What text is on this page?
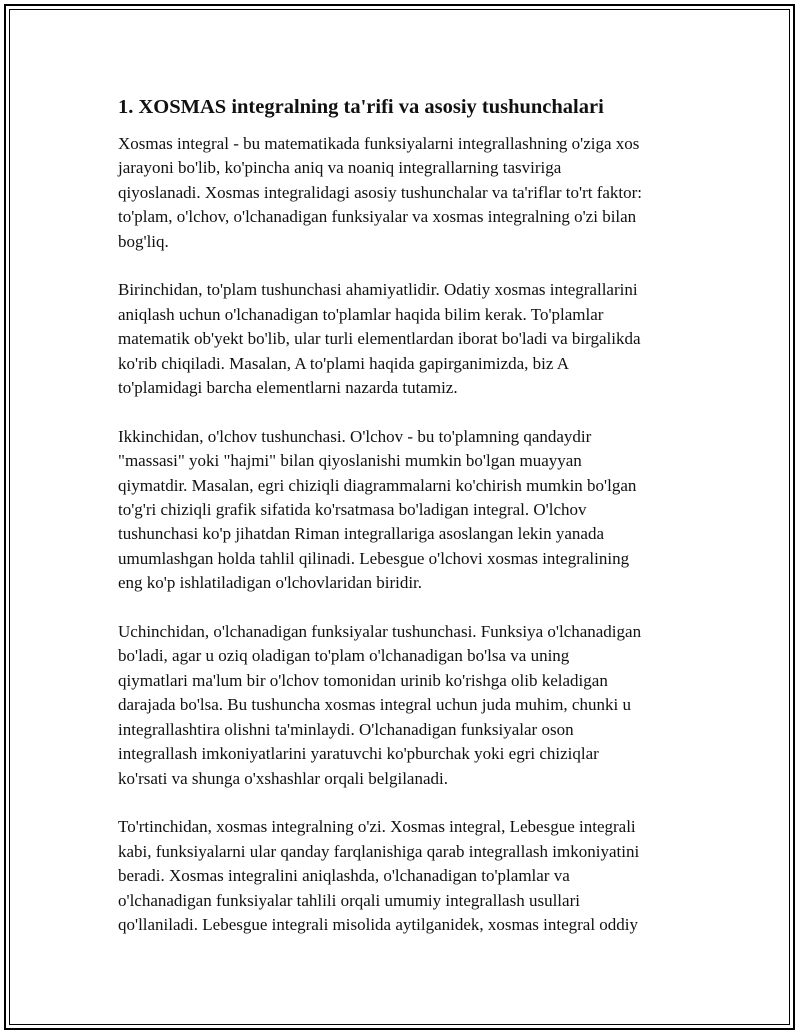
1. XOSMAS integralning ta'rifi va asosiy tushunchalari
Xosmas integral - bu matematikada funksiyalarni integrallashning o'ziga xos
jarayoni bo'lib, ko'pincha aniq va noaniq integrallarning tasviriga
qiyoslanadi. Xosmas integralidagi asosiy tushunchalar va ta'riflar to'rt faktor:
to'plam, o'lchov, o'lchanadigan funksiyalar va xosmas integralning o'zi bilan
bog'liq.
Birinchidan, to'plam tushunchasi ahamiyatlidir. Odatiy xosmas integrallarini
aniqlash uchun o'lchanadigan to'plamlar haqida bilim kerak. To'plamlar
matematik ob'yekt bo'lib, ular turli elementlardan iborat bo'ladi va birgalikda
ko'rib chiqiladi. Masalan, A to'plami haqida gapirganimizda, biz A
to'plamidagi barcha elementlarni nazarda tutamiz.
Ikkinchidan, o'lchov tushunchasi. O'lchov - bu to'plamning qandaydir
"massasi" yoki "hajmi" bilan qiyoslanishi mumkin bo'lgan muayyan
qiymatdir. Masalan, egri chiziqli diagrammalarni ko'chirish mumkin bo'lgan
to'g'ri chiziqli grafik sifatida ko'rsatmasa bo'ladigan integral. O'lchov
tushunchasi ko'p jihatdan Riman integrallariga asoslangan lekin yanada
umumlashgan holda tahlil qilinadi. Lebesgue o'lchovi xosmas integralining
eng ko'p ishlatiladigan o'lchovlaridan biridir.
Uchinchidan, o'lchanadigan funksiyalar tushunchasi. Funksiya o'lchanadigan
bo'ladi, agar u oziq oladigan to'plam o'lchanadigan bo'lsa va uning
qiymatlari ma'lum bir o'lchov tomonidan urinib ko'rishga olib keladigan
darajada bo'lsa. Bu tushuncha xosmas integral uchun juda muhim, chunki u
integrallashtira olishni ta'minlaydi. O'lchanadigan funksiyalar oson
integrallash imkoniyatlarini yaratuvchi ko'pburchak yoki egri chiziqlar
ko'rsati va shunga o'xshashlar orqali belgilanadi.
To'rtinchidan, xosmas integralning o'zi. Xosmas integral, Lebesgue integrali
kabi, funksiyalarni ular qanday farqlanishiga qarab integrallash imkoniyatini
beradi. Xosmas integralini aniqlashda, o'lchanadigan to'plamlar va
o'lchanadigan funksiyalar tahlili orqali umumiy integrallash usullari
qo'llaniladi. Lebesgue integrali misolida aytilganidek, xosmas integral oddiy
